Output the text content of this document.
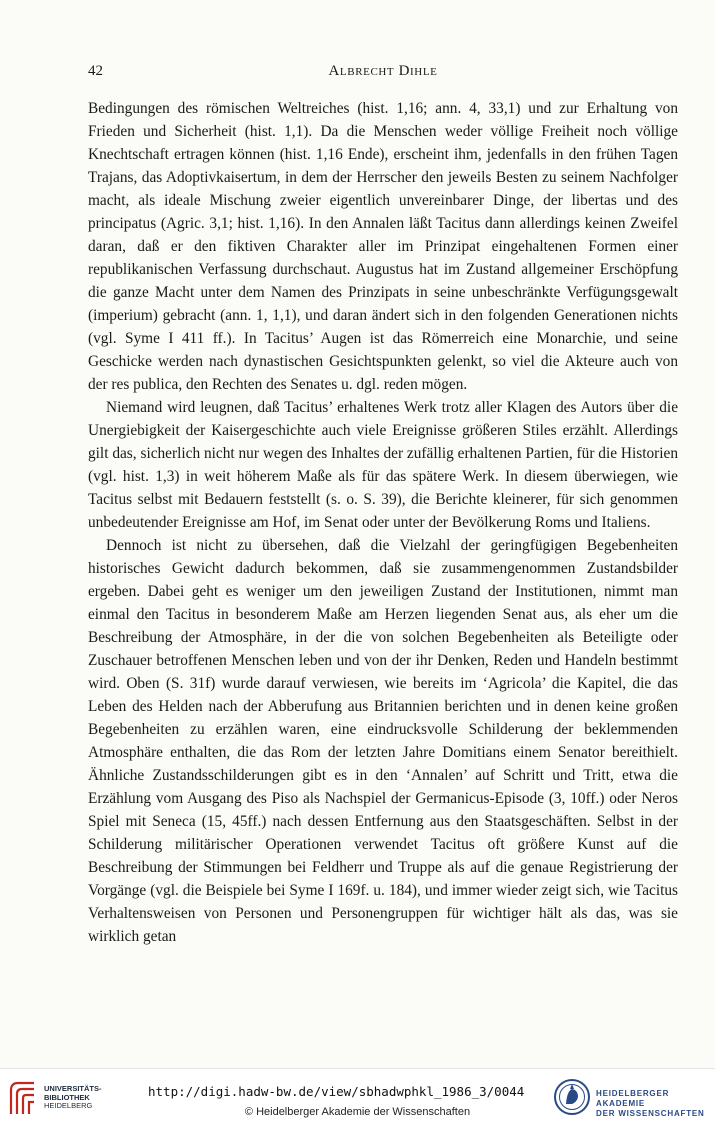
42	Albrecht Dihle

Bedingungen des römischen Weltreiches (hist. 1,16; ann. 4, 33,1) und zur Erhaltung von Frieden und Sicherheit (hist. 1,1). Da die Menschen weder völlige Freiheit noch völlige Knechtschaft ertragen können (hist. 1,16 Ende), erscheint ihm, jedenfalls in den frühen Tagen Trajans, das Adoptivkaisertum, in dem der Herrscher den jeweils Besten zu seinem Nachfolger macht, als ideale Mischung zweier eigentlich unvereinbarer Dinge, der libertas und des principatus (Agric. 3,1; hist. 1,16). In den Annalen läßt Tacitus dann allerdings keinen Zweifel daran, daß er den fiktiven Charakter aller im Prinzipat eingehaltenen Formen einer republikanischen Verfassung durchschaut. Augustus hat im Zustand allgemeiner Erschöpfung die ganze Macht unter dem Namen des Prinzipats in seine unbeschränkte Verfügungsgewalt (imperium) gebracht (ann. 1, 1,1), und daran ändert sich in den folgenden Generationen nichts (vgl. Syme I 411 ff.). In Tacitus’ Augen ist das Römerreich eine Monarchie, und seine Geschicke werden nach dynastischen Gesichtspunkten gelenkt, so viel die Akteure auch von der res publica, den Rechten des Senates u. dgl. reden mögen.

Niemand wird leugnen, daß Tacitus’ erhaltenes Werk trotz aller Klagen des Autors über die Unergiebigkeit der Kaisergeschichte auch viele Ereignisse größeren Stiles erzählt. Allerdings gilt das, sicherlich nicht nur wegen des Inhaltes der zufällig erhaltenen Partien, für die Historien (vgl. hist. 1,3) in weit höherem Maße als für das spätere Werk. In diesem überwiegen, wie Tacitus selbst mit Bedauern feststellt (s. o. S. 39), die Berichte kleinerer, für sich genommen unbedeutender Ereignisse am Hof, im Senat oder unter der Bevölkerung Roms und Italiens.

Dennoch ist nicht zu übersehen, daß die Vielzahl der geringfügigen Begebenheiten historisches Gewicht dadurch bekommen, daß sie zusammengenommen Zustandsbilder ergeben. Dabei geht es weniger um den jeweiligen Zustand der Institutionen, nimmt man einmal den Tacitus in besonderem Maße am Herzen liegenden Senat aus, als eher um die Beschreibung der Atmosphäre, in der die von solchen Begebenheiten als Beteiligte oder Zuschauer betroffenen Menschen leben und von der ihr Denken, Reden und Handeln bestimmt wird. Oben (S. 31f) wurde darauf verwiesen, wie bereits im ‘Agricola’ die Kapitel, die das Leben des Helden nach der Abberufung aus Britannien berichten und in denen keine großen Begebenheiten zu erzählen waren, eine eindrucksvolle Schilderung der beklemmenden Atmosphäre enthalten, die das Rom der letzten Jahre Domitians einem Senator bereithielt. Ähnliche Zustandsschilderungen gibt es in den ‘Annalen’ auf Schritt und Tritt, etwa die Erzählung vom Ausgang des Piso als Nachspiel der Germanicus-Episode (3, 10ff.) oder Neros Spiel mit Seneca (15, 45ff.) nach dessen Entfernung aus den Staatsgeschäften. Selbst in der Schilderung militärischer Operationen verwendet Tacitus oft größere Kunst auf die Beschreibung der Stimmungen bei Feldherr und Truppe als auf die genaue Registrierung der Vorgänge (vgl. die Beispiele bei Syme I 169f. u. 184), und immer wieder zeigt sich, wie Tacitus Verhaltensweisen von Personen und Personengruppen für wichtiger hält als das, was sie wirklich getan

UNIVERSITÄTS-
BIBLIOTHEK
HEIDELBERG
http://digi.hadw-bw.de/view/sbhadwphkl_1986_3/0044
© Heidelberger Akademie der Wissenschaften
HEIDELBERGER AKADEMIE
DER WISSENSCHAFTEN
